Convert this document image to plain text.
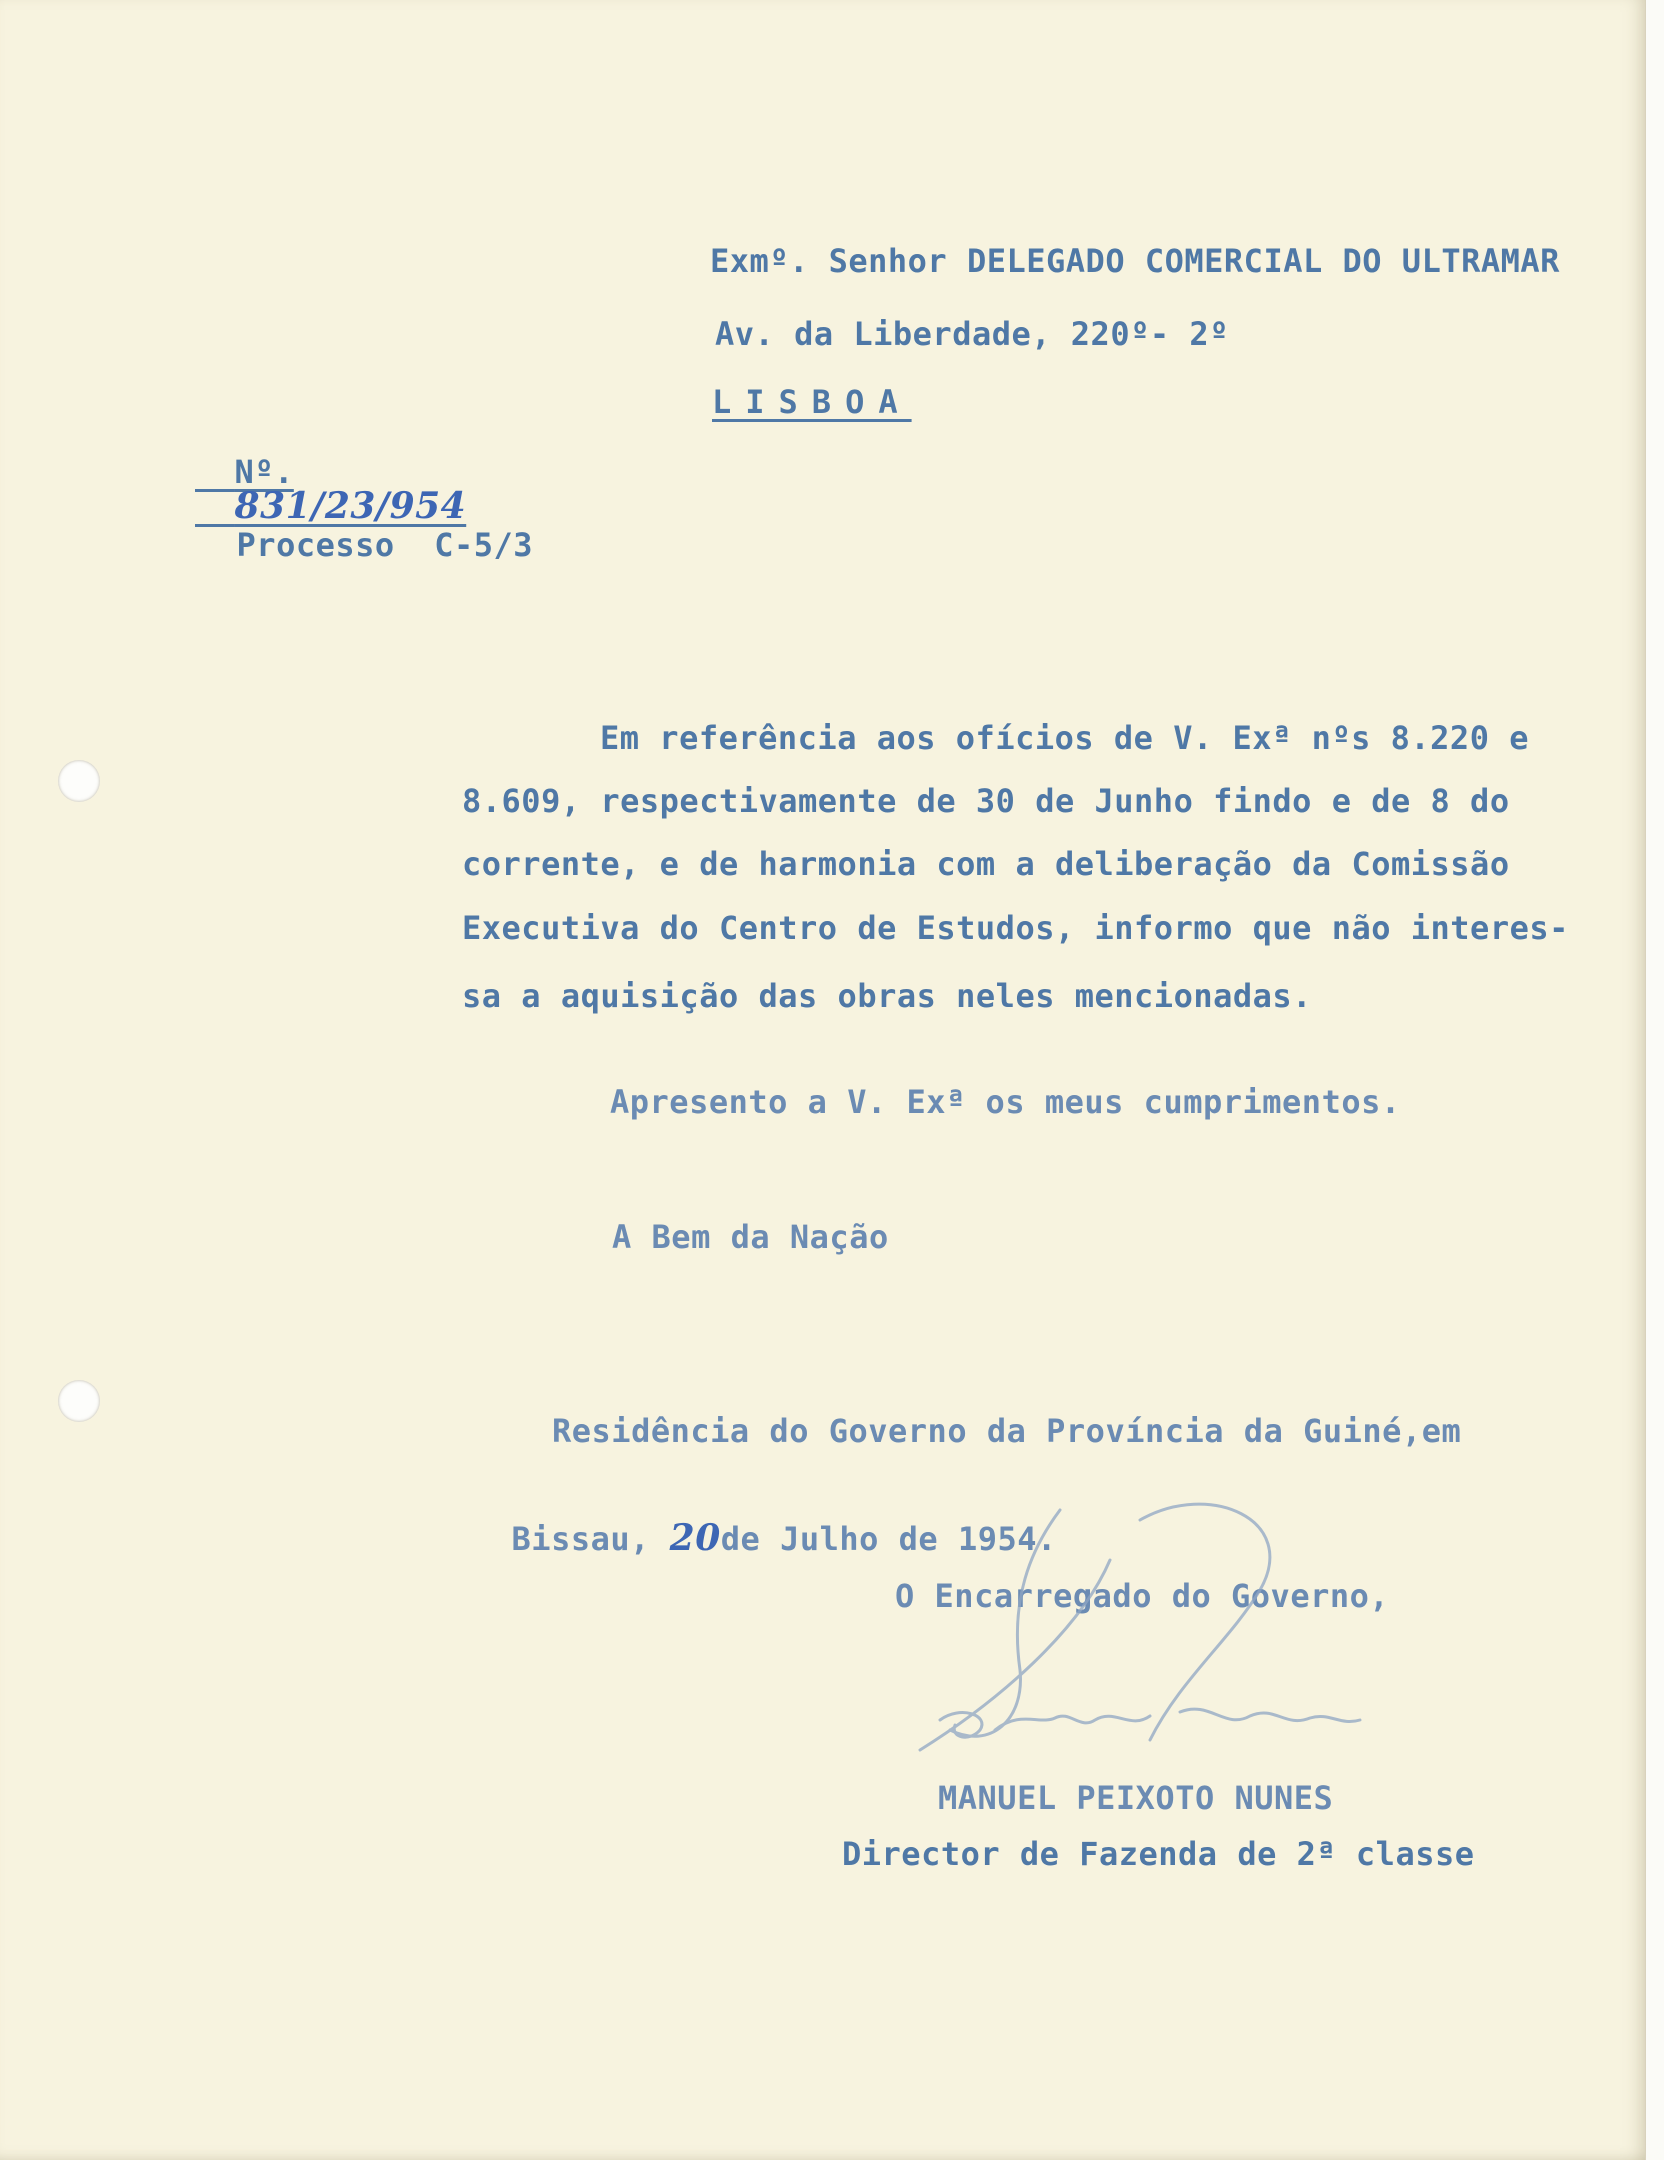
Exmº. Senhor DELEGADO COMERCIAL DO ULTRAMAR
Av. da Liberdade, 220º- 2º
LISBOA

Nº.
831/23/954

Processo C-5/3

Em referência aos ofícios de V. Exª nºs 8.220 e
8.609, respectivamente de 30 de Junho findo e de 8 do
corrente, e de harmonia com a deliberação da Comissão
Executiva do Centro de Estudos, informo que não interes-
sa a aquisição das obras neles mencionadas.
Apresento a V. Exª os meus cumprimentos.
A Bem da Nação
Residência do Governo da Província da Guiné,em

Bissau, 20de Julho de 1954.

O Encarregado do Governo,
MANUEL PEIXOTO NUNES
Director de Fazenda de 2ª classe
